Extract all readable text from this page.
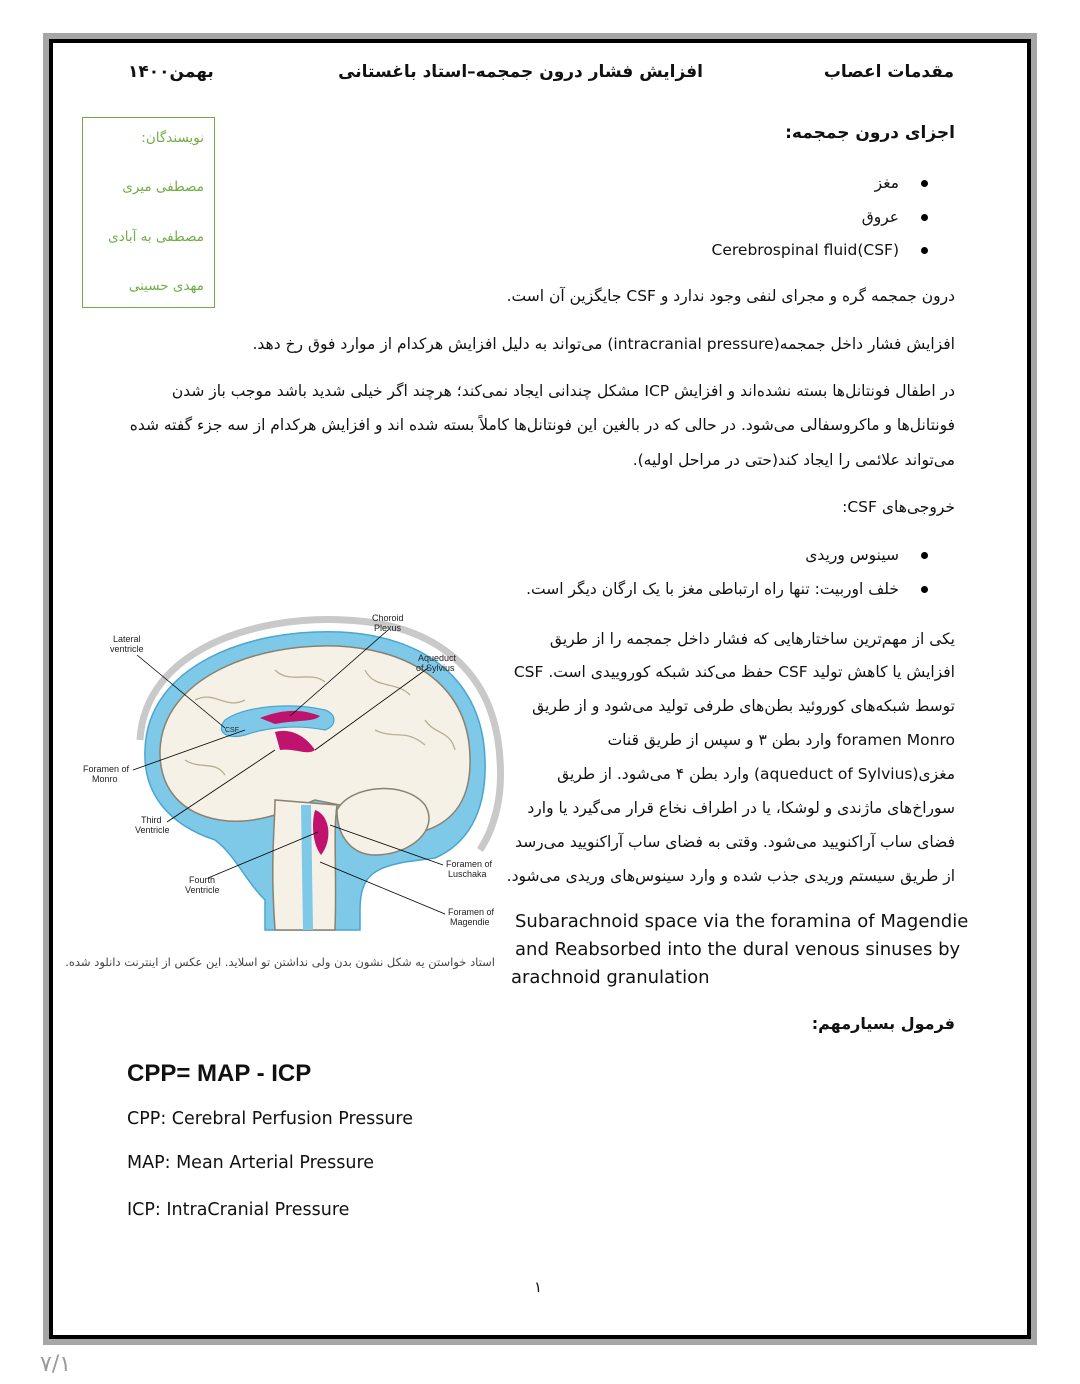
بهمن۱۴۰۰	افزایش فشار درون جمجمه–استاد باغستانی	مقدمات اعصاب
نویسندگان:
مصطفی میری
مصطفی به آبادی
مهدی حسینی
اجزای درون جمجمه:
مغز
عروق
Cerebrospinal fluid(CSF)
درون جمجمه گره و مجرای لنفی وجود ندارد و CSF جایگزین آن است.
افزایش فشار داخل جمجمه(intracranial pressure) می‌تواند به دلیل افزایش هرکدام از موارد فوق رخ دهد.
در اطفال فونتانل‌ها بسته نشده‌اند و افزایش ICP مشکل چندانی ایجاد نمی‌کند؛ هرچند اگر خیلی شدید باشد موجب باز شدن
فونتانل‌ها و ماکروسفالی می‌شود. در حالی که در بالغین این فونتانل‌ها کاملاً بسته شده اند و افزایش هرکدام از سه جزء گفته شده
می‌تواند علائمی را ایجاد کند(حتی در مراحل اولیه).
خروجی‌های CSF:
سینوس وریدی
خلف اوربیت: تنها راه ارتباطی مغز با یک ارگان دیگر است.
یکی از مهم‌ترین ساختارهایی که فشار داخل جمجمه را از طریق
افزایش یا کاهش تولید CSF حفظ می‌کند شبکه کوروییدی است. CSF
توسط شبکه‌های کوروئید بطن‌های طرفی تولید می‌شود و از طریق
foramen Monro وارد بطن ۳ و سپس از طریق قنات
مغزی(aqueduct of Sylvius) وارد بطن ۴ می‌شود. از طریق
سوراخ‌های ماژندی و لوشکا، یا در اطراف نخاع قرار می‌گیرد یا وارد
فضای ساب آراکنویید می‌شود. وقتی به فضای ساب آراکنویید می‌رسد
از طریق سیستم وریدی جذب شده و وارد سینوس‌های وریدی می‌شود.
Subarachnoid space via the foramina of Magendie
and Reabsorbed into the dural venous sinuses by
arachnoid granulation
Lateral
ventricle
Choroid
Plexus
Aqueduct
of Sylvius
CSF
Foramen of
Monro
Third
Ventricle
Fourth
Ventricle
Foramen of
Luschaka
Foramen of
Magendie
استاد خواستن یه شکل نشون بدن ولی نداشتن تو اسلاید. این عکس از اینترنت دانلود شده.
فرمول بسیارمهم:
CPP= MAP - ICP
CPP: Cerebral Perfusion Pressure
MAP: Mean Arterial Pressure
ICP: IntraCranial Pressure
۱
۷/۱
